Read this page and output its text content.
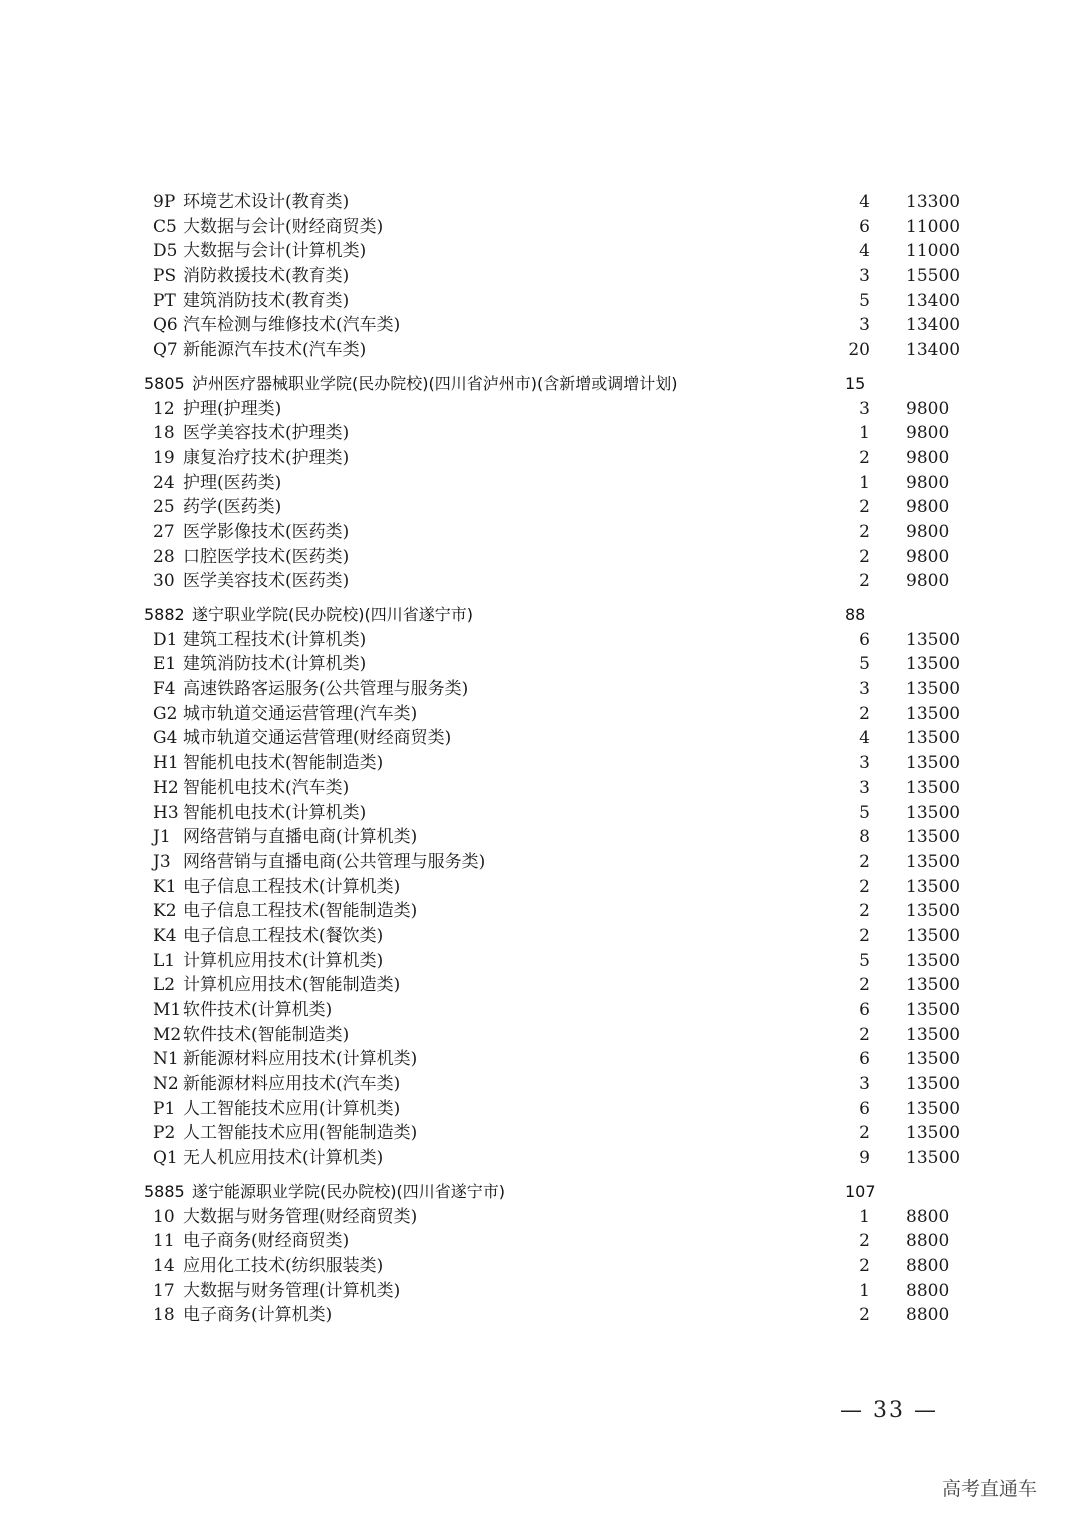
9P 环境艺术设计(教育类)	4 13300
C5 大数据与会计(财经商贸类)	6 11000
D5 大数据与会计(计算机类)	4 11000
PS 消防救援技术(教育类)	3 15500
PT 建筑消防技术(教育类)	5 13400
Q6 汽车检测与维修技术(汽车类)	3 13400
Q7 新能源汽车技术(汽车类)	20 13400
5805 泸州医疗器械职业学院(民办院校)(四川省泸州市)(含新增或调增计划)	15
12 护理(护理类)	3 9800
18 医学美容技术(护理类)	1 9800
19 康复治疗技术(护理类)	2 9800
24 护理(医药类)	1 9800
25 药学(医药类)	2 9800
27 医学影像技术(医药类)	2 9800
28 口腔医学技术(医药类)	2 9800
30 医学美容技术(医药类)	2 9800
5882 遂宁职业学院(民办院校)(四川省遂宁市)	88
D1 建筑工程技术(计算机类)	6 13500
E1 建筑消防技术(计算机类)	5 13500
F4 高速铁路客运服务(公共管理与服务类)	3 13500
G2 城市轨道交通运营管理(汽车类)	2 13500
G4 城市轨道交通运营管理(财经商贸类)	4 13500
H1 智能机电技术(智能制造类)	3 13500
H2 智能机电技术(汽车类)	3 13500
H3 智能机电技术(计算机类)	5 13500
J1 网络营销与直播电商(计算机类)	8 13500
J3 网络营销与直播电商(公共管理与服务类)	2 13500
K1 电子信息工程技术(计算机类)	2 13500
K2 电子信息工程技术(智能制造类)	2 13500
K4 电子信息工程技术(餐饮类)	2 13500
L1 计算机应用技术(计算机类)	5 13500
L2 计算机应用技术(智能制造类)	2 13500
M1 软件技术(计算机类)	6 13500
M2 软件技术(智能制造类)	2 13500
N1 新能源材料应用技术(计算机类)	6 13500
N2 新能源材料应用技术(汽车类)	3 13500
P1 人工智能技术应用(计算机类)	6 13500
P2 人工智能技术应用(智能制造类)	2 13500
Q1 无人机应用技术(计算机类)	9 13500
5885 遂宁能源职业学院(民办院校)(四川省遂宁市)	107
10 大数据与财务管理(财经商贸类)	1 8800
11 电子商务(财经商贸类)	2 8800
14 应用化工技术(纺织服装类)	2 8800
17 大数据与财务管理(计算机类)	1 8800
18 电子商务(计算机类)	2 8800
— 33 —
高考直通车
